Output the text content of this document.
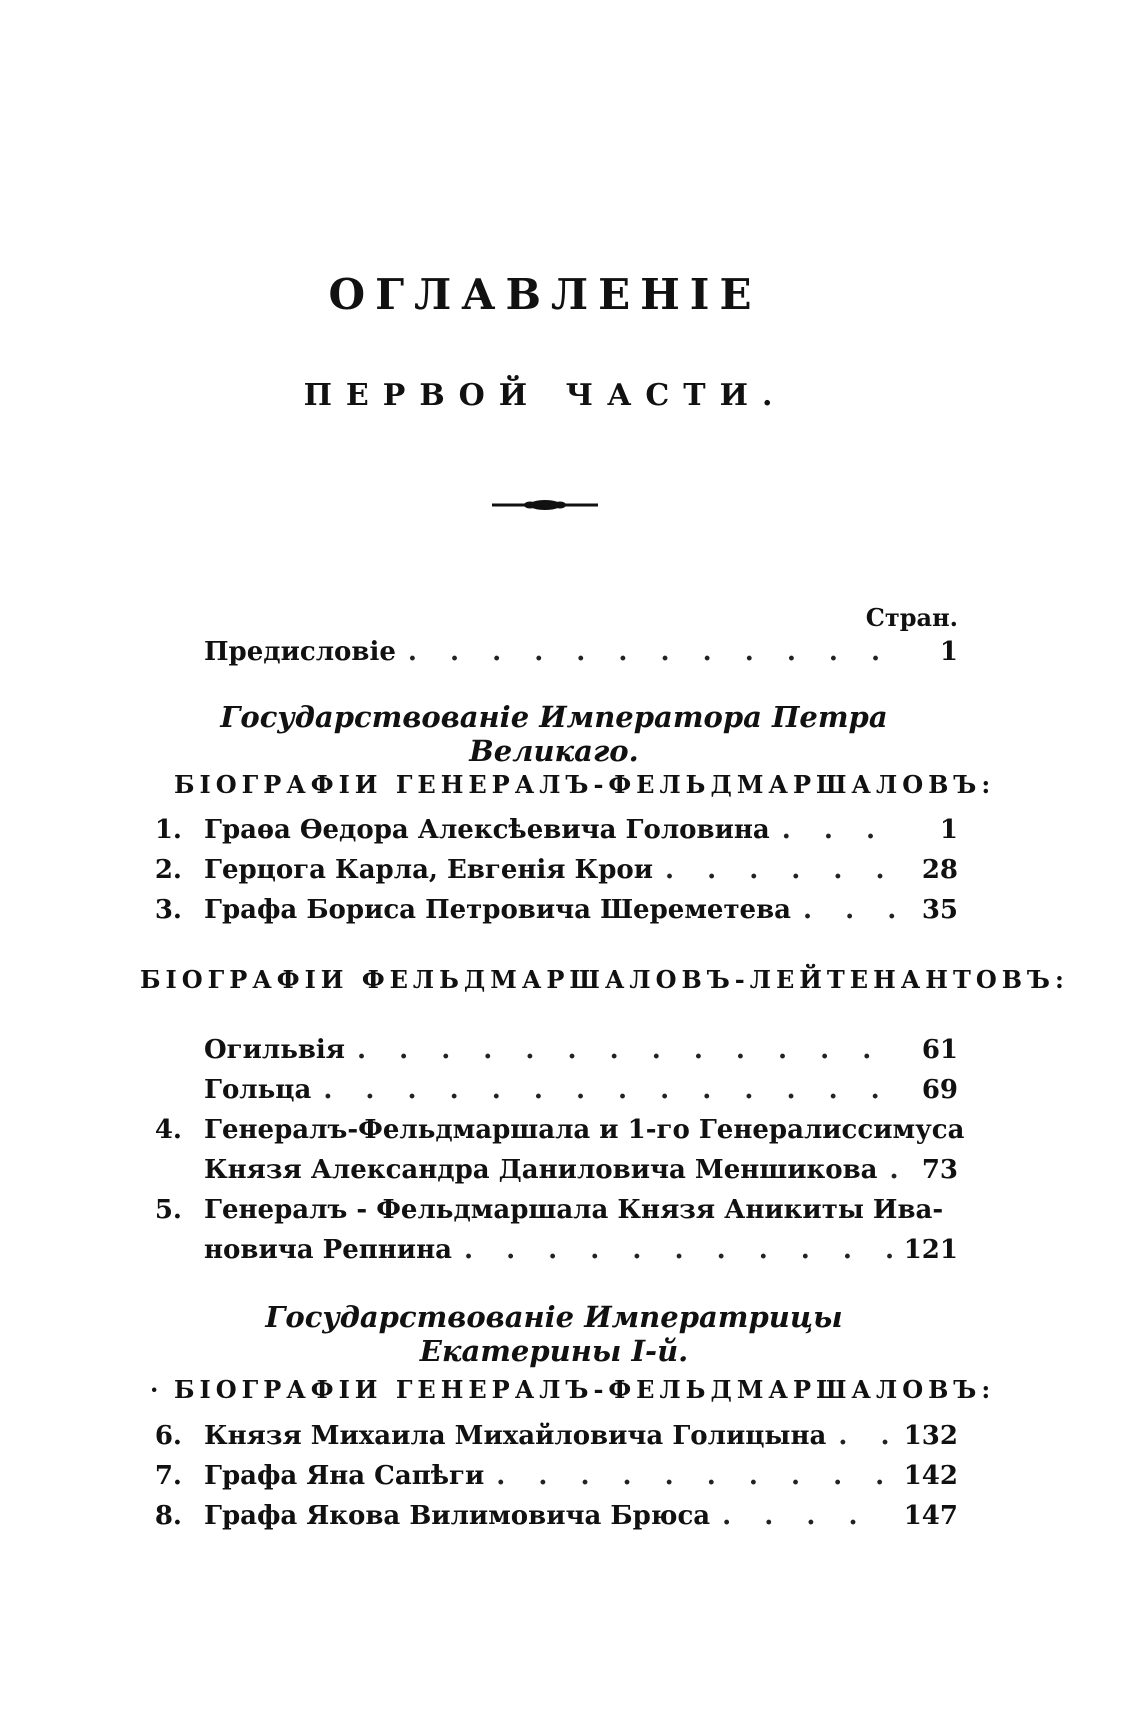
ОГЛАВЛЕНІЕ
ПЕРВОЙ ЧАСТИ.
Стран.
Предисловіе . . .	1
Государствованіе Императора Петра Великаго.
БІОГРАФІИ ГЕНЕРАЛЪ-ФЕЛЬДМАРШАЛОВЪ:
1. Граѳа Ѳедора Алексѣевича Головина . . .	1
2. Герцога Карла, Евгенія Крои . . .	28
3. Графа Бориса Петровича Шереметева . . .	35
БІОГРАФІИ ФЕЛЬДМАРШАЛОВЪ-ЛЕЙТЕНАНТОВЪ:
Огильвія . . .	61
Гольца . . .	69
4. Генералъ-Фельдмаршала и 1-го Генералиссимуса
Князя Александра Даниловича Меншикова . . . 73
5. Генералъ - Фельдмаршала Князя Аникиты Ива-
новича Репнина . . .	121
Государствованіе Императрицы Екатерины I-й.
· БІОГРАФІИ ГЕНЕРАЛЪ-ФЕЛЬДМАРШАЛОВЪ:
6. Князя Михаила Михайловича Голицына . . .	132
7. Графа Яна Сапѣги . . .	142
8. Графа Якова Вилимовича Брюса . . .	147
